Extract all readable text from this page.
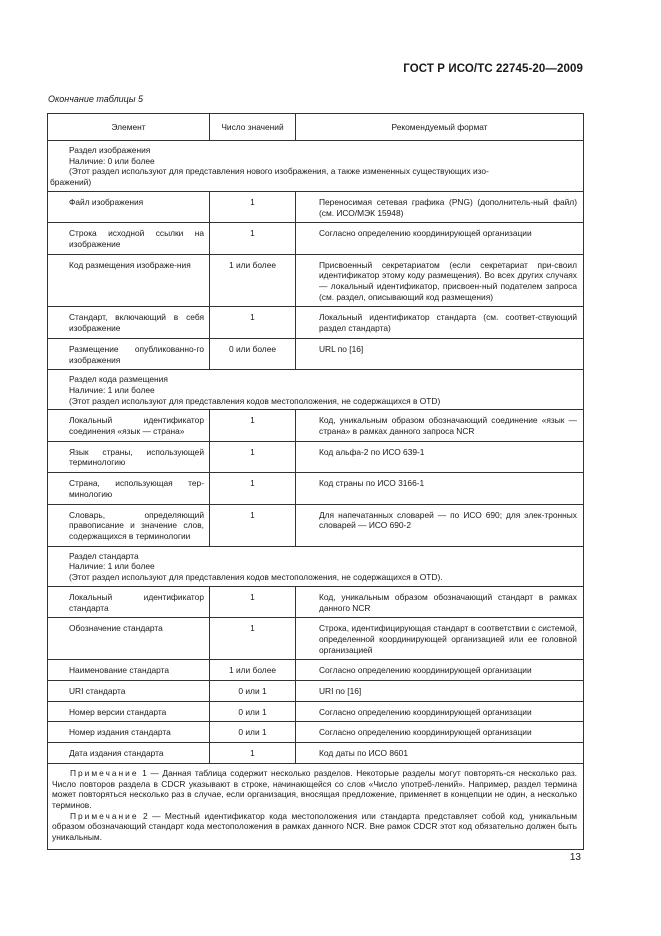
ГОСТ Р ИСО/ТС 22745-20—2009
Окончание таблицы 5
Элемент	Число значений	Рекомендуемый формат

Раздел изображения
Наличие: 0 или более
(Этот раздел используют для представления нового изображения, а также измененных существующих изо-
бражений)		

Файл изображения	1	Переносимая сетевая графика (PNG) (дополнитель-ный файл) (см. ИСО/МЭК 15948)
Строка исходной ссылки на изображение	1	Согласно определению координирующей организации
Код размещения изображе-ния	1 или более	Присвоенный секретариатом (если секретариат при-своил идентификатор этому коду размещения). Во всех других случаях — локальный идентификатор, присвоен-ный подателем запроса (см. раздел, описывающий код размещения)
Стандарт, включающий в себя изображение	1	Локальный идентификатор стандарта (см. соответ-ствующий раздел стандарта)
Размещение опубликованно-го изображения	0 или более	URL по [16]

Раздел кода размещения
Наличие: 1 или более
(Этот раздел используют для представления кодов местоположения, не содержащихся в OTD)		

Локальный идентификатор соединения «язык — страна»	1	Код, уникальным образом обозначающий соединение «язык — страна» в рамках данного запроса NCR
Язык страны, использующей терминологию	1	Код альфа-2 по ИСО 639-1
Страна, использующая тер-минологию	1	Код страны по ИСО 3166-1
Словарь, определяющий правописание и значение слов, содержащихся в терминологии	1	Для напечатанных словарей — по ИСО 690; для элек-тронных словарей — ИСО 690-2

Раздел стандарта
Наличие: 1 или более
(Этот раздел используют для представления кодов местоположения, не содержащихся в OTD).		

Локальный идентификатор стандарта	1	Код, уникальным образом обозначающий стандарт в рамках данного NCR
Обозначение стандарта	1	Строка, идентифицирующая стандарт в соответствии с системой, определенной координирующей организацией или ее головной организацией
Наименование стандарта	1 или более	Согласно определению координирующей организации
URI стандарта	0 или 1	URI по [16]
Номер версии стандарта	0 или 1	Согласно определению координирующей организации
Номер издания стандарта	0 или 1	Согласно определению координирующей организации
Дата издания стандарта	1	Код даты по ИСО 8601

Примечание 1 — Данная таблица содержит несколько разделов. Некоторые разделы могут повторять-ся несколько раз. Число повторов раздела в CDCR указывают в строке, начинающейся со слов «Число употреб-лений». Например, раздел термина может повторяться несколько раз в случае, если организация, вносящая предложение, применяет в концепции не один, а несколько терминов.

Примечание 2 — Местный идентификатор кода местоположения или стандарта представляет собой код, уникальным образом обозначающий стандарт кода местоположения в рамках данного NCR. Вне рамок CDCR этот код обязательно должен быть уникальным.		

13
